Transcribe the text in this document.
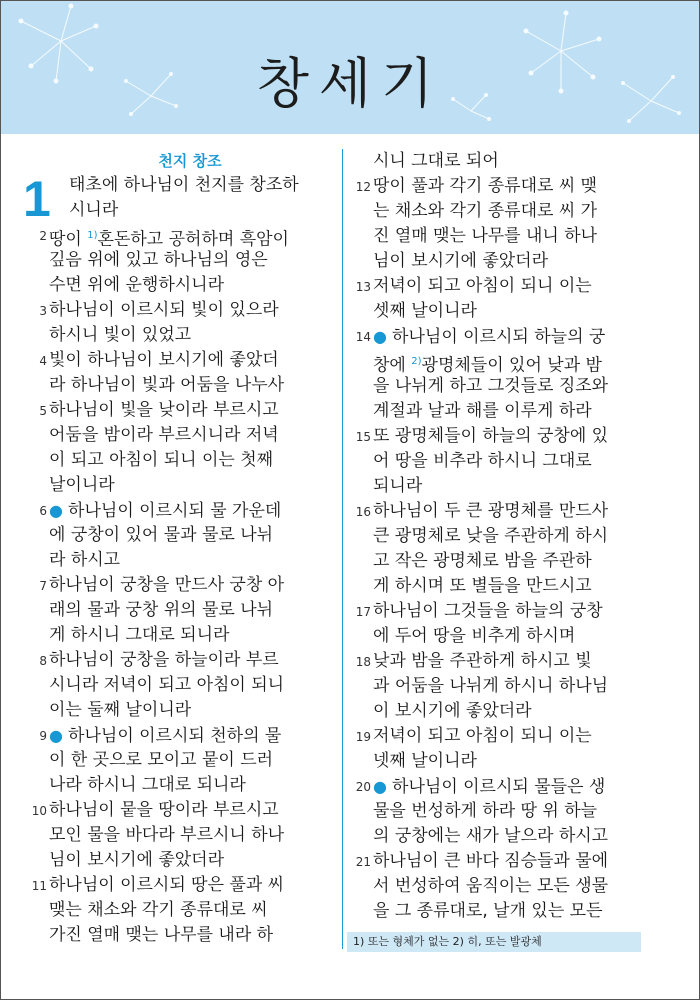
창세기
천지 창조
1 태초에 하나님이 천지를 창조하
시니라
2 땅이 $^{1)}$혼돈하고 공허하며 흑암이
깊음 위에 있고 하나님의 영은
수면 위에 운행하시니라
3 하나님이 이르시되 빛이 있으라
하시니 빛이 있었고
4 빛이 하나님이 보시기에 좋았더
라 하나님이 빛과 어둠을 나누사
5 하나님이 빛을 낮이라 부르시고
어둠을 밤이라 부르시니라 저녁
이 되고 아침이 되니 이는 첫째
날이니라
6 ● 하나님이 이르시되 물 가운데
에 궁창이 있어 물과 물로 나뉘
라 하시고
7 하나님이 궁창을 만드사 궁창 아
래의 물과 궁창 위의 물로 나뉘
게 하시니 그대로 되니라
8 하나님이 궁창을 하늘이라 부르
시니라 저녁이 되고 아침이 되니
이는 둘째 날이니라
9 ● 하나님이 이르시되 천하의 물
이 한 곳으로 모이고 뭍이 드러
나라 하시니 그대로 되니라
10 하나님이 뭍을 땅이라 부르시고
모인 물을 바다라 부르시니 하나
님이 보시기에 좋았더라
11 하나님이 이르시되 땅은 풀과 씨
맺는 채소와 각기 종류대로 씨
가진 열매 맺는 나무를 내라 하
시니 그대로 되어
12 땅이 풀과 각기 종류대로 씨 맺
는 채소와 각기 종류대로 씨 가
진 열매 맺는 나무를 내니 하나
님이 보시기에 좋았더라
13 저녁이 되고 아침이 되니 이는
셋째 날이니라
14 ● 하나님이 이르시되 하늘의 궁
창에 $^{2)}$광명체들이 있어 낮과 밤
을 나뉘게 하고 그것들로 징조와
계절과 날과 해를 이루게 하라
15 또 광명체들이 하늘의 궁창에 있
어 땅을 비추라 하시니 그대로
되니라
16 하나님이 두 큰 광명체를 만드사
큰 광명체로 낮을 주관하게 하시
고 작은 광명체로 밤을 주관하
게 하시며 또 별들을 만드시고
17 하나님이 그것들을 하늘의 궁창
에 두어 땅을 비추게 하시며
18 낮과 밤을 주관하게 하시고 빛
과 어둠을 나뉘게 하시니 하나님
이 보시기에 좋았더라
19 저녁이 되고 아침이 되니 이는
넷째 날이니라
20 ● 하나님이 이르시되 물들은 생
물을 번성하게 하라 땅 위 하늘
의 궁창에는 새가 날으라 하시고
21 하나님이 큰 바다 짐승들과 물에
서 번성하여 움직이는 모든 생물
을 그 종류대로, 날개 있는 모든
1) 또는 형체가 없는 2) 히, 또는 발광체
